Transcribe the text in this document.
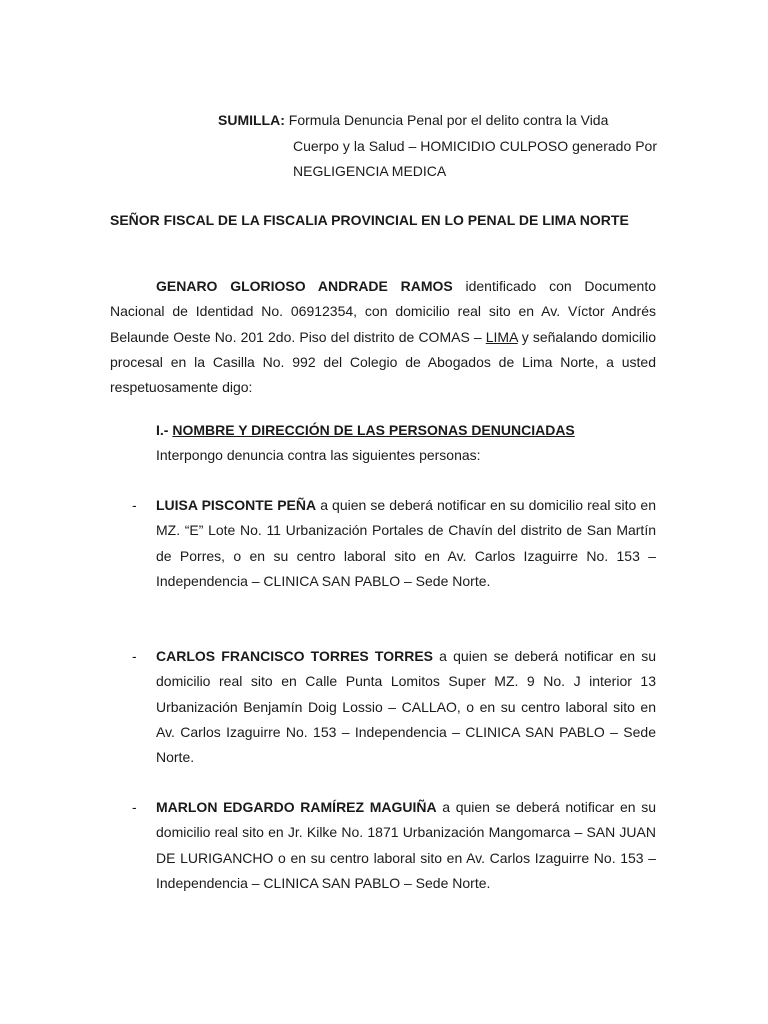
SUMILLA: Formula Denuncia Penal por el delito contra la Vida
Cuerpo y la Salud – HOMICIDIO CULPOSO generado Por NEGLIGENCIA MEDICA
SEÑOR FISCAL DE LA FISCALIA PROVINCIAL EN LO PENAL DE LIMA NORTE
GENARO GLORIOSO ANDRADE RAMOS identificado con Documento Nacional de Identidad No. 06912354, con domicilio real sito en Av. Víctor Andrés Belaunde Oeste No. 201 2do. Piso del distrito de COMAS – LIMA y señalando domicilio procesal en la Casilla No. 992 del Colegio de Abogados de Lima Norte, a usted respetuosamente digo:
I.- NOMBRE Y DIRECCIÓN DE LAS PERSONAS DENUNCIADAS
Interpongo denuncia contra las siguientes personas:
- LUISA PISCONTE PEÑA a quien se deberá notificar en su domicilio real sito en MZ. “E” Lote No. 11 Urbanización Portales de Chavín del distrito de San Martín de Porres, o en su centro laboral sito en Av. Carlos Izaguirre No. 153 – Independencia – CLINICA SAN PABLO – Sede Norte.
- CARLOS FRANCISCO TORRES TORRES a quien se deberá notificar en su domicilio real sito en Calle Punta Lomitos Super MZ. 9 No. J interior 13 Urbanización Benjamín Doig Lossio – CALLAO, o en su centro laboral sito en Av. Carlos Izaguirre No. 153 – Independencia – CLINICA SAN PABLO – Sede Norte.
- MARLON EDGARDO RAMÍREZ MAGUIÑA a quien se deberá notificar en su domicilio real sito en Jr. Kilke No. 1871 Urbanización Mangomarca – SAN JUAN DE LURIGANCHO o en su centro laboral sito en Av. Carlos Izaguirre No. 153 – Independencia – CLINICA SAN PABLO – Sede Norte.
